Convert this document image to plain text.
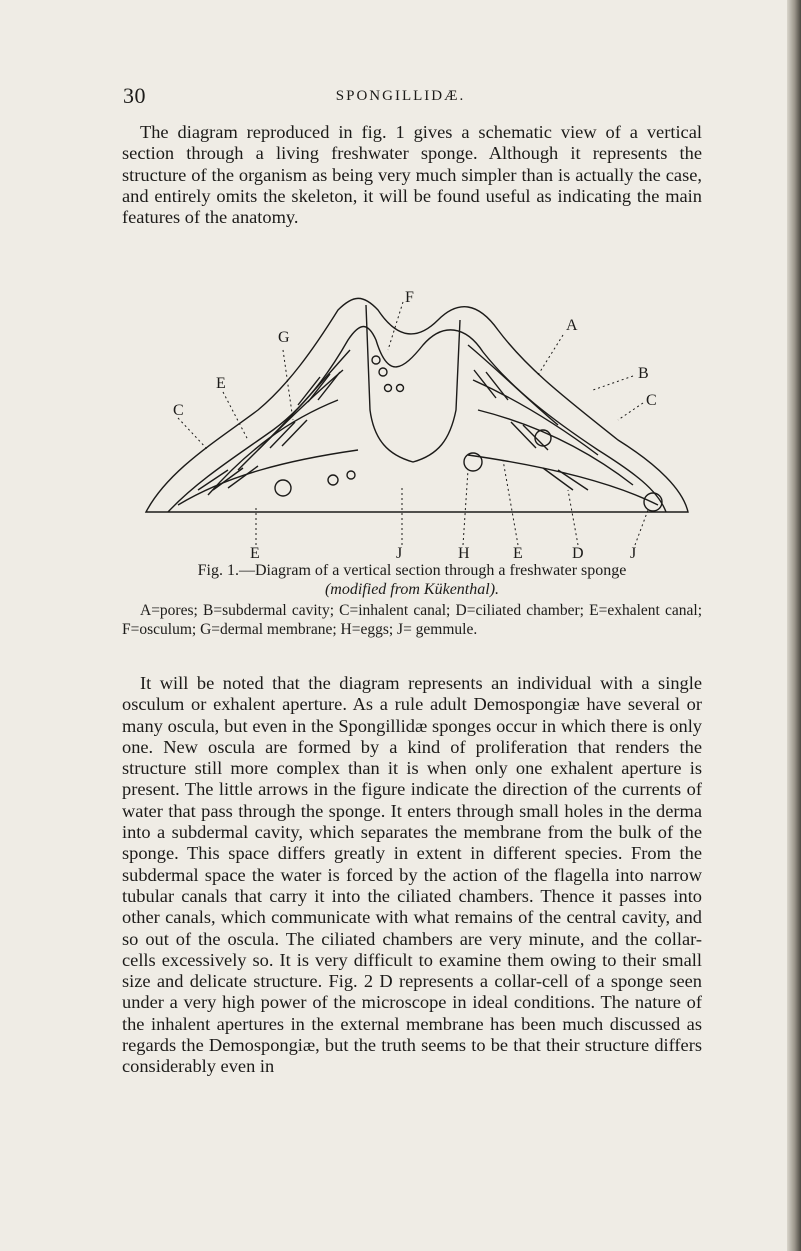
30	SPONGILLIDÆ.

The diagram reproduced in fig. 1 gives a schematic view of a vertical section through a living freshwater sponge. Although it represents the structure of the organism as being very much simpler than is actually the case, and entirely omits the skeleton, it will be found useful as indicating the main features of the anatomy.

F
G
A
B
C
C
E
E	J	H	E	D	J

Fig. 1.—Diagram of a vertical section through a freshwater sponge
(modified from Kükenthal).

A=pores; B=subdermal cavity; C=inhalent canal; D=ciliated chamber; E=exhalent canal; F=osculum; G=dermal membrane; H=eggs; J= gemmule.

It will be noted that the diagram represents an individual with a single osculum or exhalent aperture. As a rule adult Demospongiæ have several or many oscula, but even in the Spongillidæ sponges occur in which there is only one. New oscula are formed by a kind of proliferation that renders the structure still more complex than it is when only one exhalent aperture is present. The little arrows in the figure indicate the direction of the currents of water that pass through the sponge. It enters through small holes in the derma into a subdermal cavity, which separates the membrane from the bulk of the sponge. This space differs greatly in extent in different species. From the subdermal space the water is forced by the action of the flagella into narrow tubular canals that carry it into the ciliated chambers. Thence it passes into other canals, which communicate with what remains of the central cavity, and so out of the oscula. The ciliated chambers are very minute, and the collar-cells excessively so. It is very difficult to examine them owing to their small size and delicate structure. Fig. 2 D represents a collar-cell of a sponge seen under a very high power of the microscope in ideal conditions. The nature of the inhalent apertures in the external membrane has been much discussed as regards the Demospongiæ, but the truth seems to be that their structure differs considerably even in
